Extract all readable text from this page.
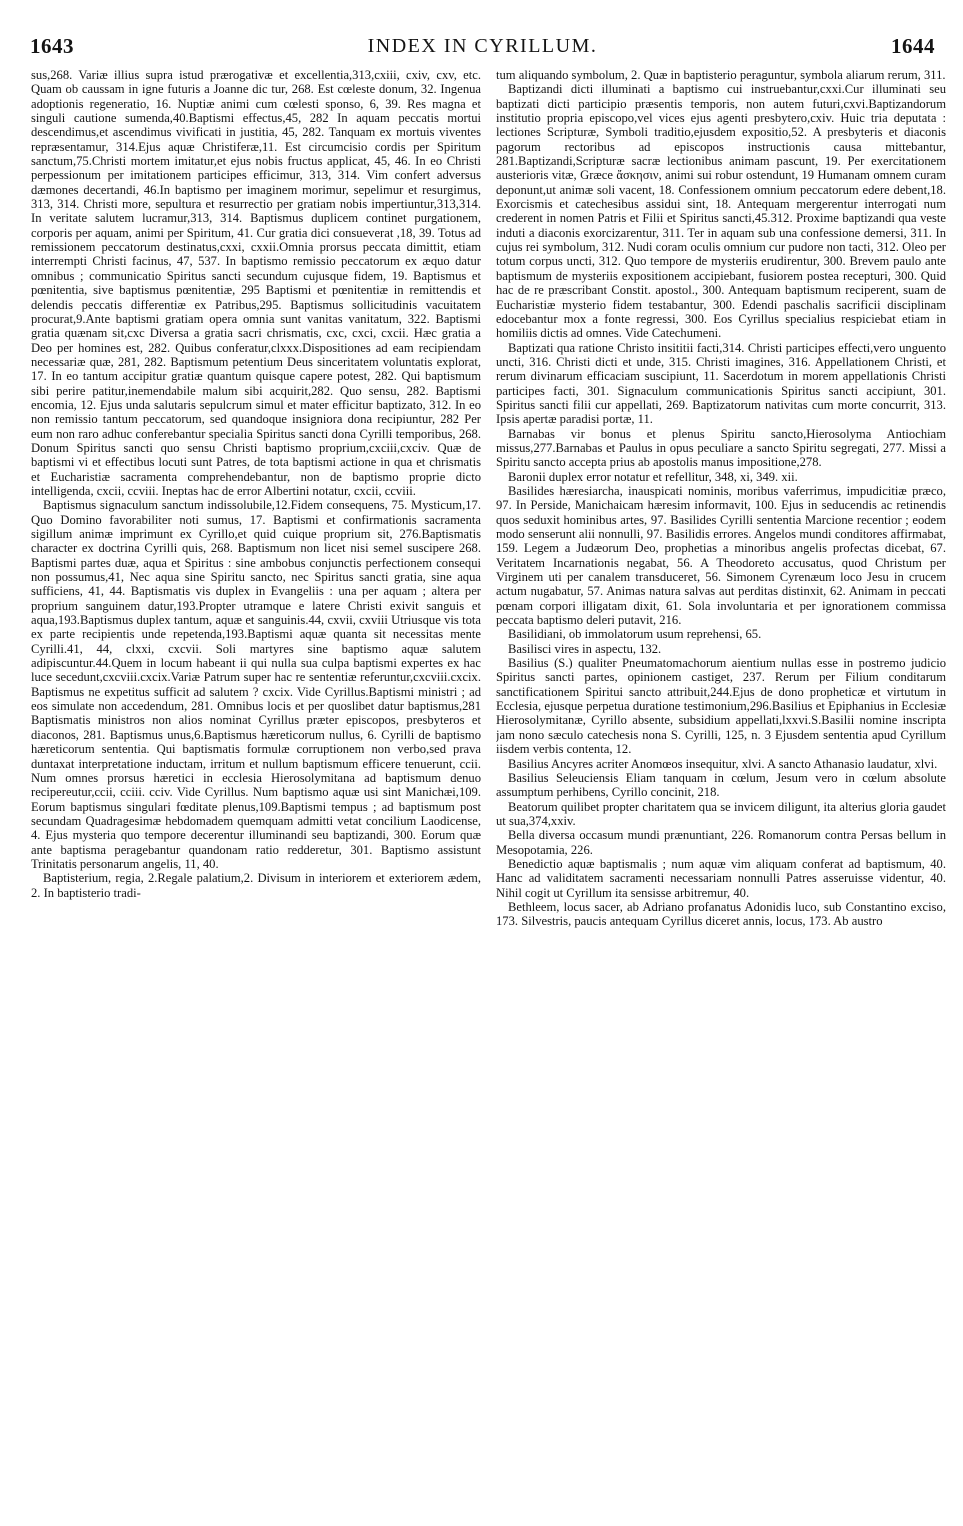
1643	INDEX IN CYRILLUM.	1644

sus,268. Variæ illius supra istud prærogativæ et excellentia,313,cxiii, cxiv, cxv, etc. Quam ob caussam in igne futuris a Joanne dic tur, 268. Est cœleste donum, 32. Ingenua adoptionis regeneratio, 16. Nuptiæ animi cum cœlesti sponso, 6, 39. Res magna et singuli cautione sumenda,40.Baptismi effectus,45, 282 In aquam peccatis mortui descendimus,et ascendimus vivificati in justitia, 45, 282. Tanquam ex mortuis viventes repræsentamur, 314.Ejus aquæ Christiferæ,11. Est circumcisio cordis per Spiritum sanctum,75.Christi mortem imitatur,et ejus nobis fructus applicat, 45, 46. In eo Christi perpessionum per imitationem participes efficimur, 313, 314. Vim confert adversus dæmones decertandi, 46.In baptismo per imaginem morimur, sepelimur et resurgimus, 313, 314. Christi more, sepultura et resurrectio per gratiam nobis impertiuntur,313,314. In veritate salutem lucramur,313, 314. Baptismus duplicem continet purgationem, corporis per aquam, animi per Spiritum, 41. Cur gratia dici consueverat ,18, 39. Totus ad remissionem peccatorum destinatus,cxxi, cxxii.Omnia prorsus peccata dimittit, etiam interrempti Christi facinus, 47, 537. In baptismo remissio peccatorum ex æquo datur omnibus ; communicatio Spiritus sancti secundum cujusque fidem, 19. Baptismus et pœnitentia, sive baptismus pœnitentiæ, 295 Baptismi et pœnitentiæ in remittendis et delendis peccatis differentiæ ex Patribus,295. Baptismus sollicitudinis vacuitatem procurat,9.Ante baptismi gratiam opera omnia sunt vanitas vanitatum, 322. Baptismi gratia quænam sit,cxc Diversa a gratia sacri chrismatis, cxc, cxci, cxcii. Hæc gratia a Deo per homines est, 282. Quibus conferatur,clxxx.Dispositiones ad eam recipiendam necessariæ quæ, 281, 282. Baptismum petentium Deus sinceritatem voluntatis explorat, 17. In eo tantum accipitur gratiæ quantum quisque capere potest, 282. Qui baptismum sibi perire patitur,inemendabile malum sibi acquirit,282. Quo sensu, 282. Baptismi encomia, 12. Ejus unda salutaris sepulcrum simul et mater efficitur baptizato, 312. In eo non remissio tantum peccatorum, sed quandoque insigniora dona recipiuntur, 282 Per eum non raro adhuc conferebantur specialia Spiritus sancti dona Cyrilli temporibus, 268. Donum Spiritus sancti quo sensu Christi baptismo proprium,cxciii,cxciv. Quæ de baptismi vi et effectibus locuti sunt Patres, de tota baptismi actione in qua et chrismatis et Eucharistiæ sacramenta comprehendebantur, non de baptismo proprie dicto intelligenda, cxcii, ccviii. Ineptas hac de error Albertini notatur, cxcii, ccviii.

Baptismus signaculum sanctum indissolubile,12.Fidem consequens, 75. Mysticum,17. Quo Domino favorabiliter noti sumus, 17. Baptismi et confirmationis sacramenta sigillum animæ imprimunt ex Cyrillo,et quid cuique proprium sit, 276.Baptismatis character ex doctrina Cyrilli quis, 268. Baptismum non licet nisi semel suscipere 268. Baptismi partes duæ, aqua et Spiritus : sine ambobus conjunctis perfectionem consequi non possumus,41, Nec aqua sine Spiritu sancto, nec Spiritus sancti gratia, sine aqua sufficiens, 41, 44. Baptismatis vis duplex in Evangeliis : una per aquam ; altera per proprium sanguinem datur,193.Propter utramque e latere Christi exivit sanguis et aqua,193.Baptismus duplex tantum, aquæ et sanguinis.44, cxvii, cxviii Utriusque vis tota ex parte recipientis unde repetenda,193.Baptismi aquæ quanta sit necessitas mente Cyrilli.41, 44, clxxi, cxcvii. Soli martyres sine baptismo aquæ salutem adipiscuntur.44.Quem in locum habeant ii qui nulla sua culpa baptismi expertes ex hac luce secedunt,cxcviii.cxcix.Variæ Patrum super hac re sententiæ referuntur,cxcviii.cxcix. Baptismus ne expetitus sufficit ad salutem ? cxcix. Vide Cyrillus.Baptismi ministri ; ad eos simulate non accedendum, 281. Omnibus locis et per quoslibet datur baptismus,281 Baptismatis ministros non alios nominat Cyrillus præter episcopos, presbyteros et diaconos, 281. Baptismus unus,6.Baptismus hæreticorum nullus, 6. Cyrilli de baptismo hæreticorum sententia. Qui baptismatis formulæ corruptionem non verbo,sed prava duntaxat interpretatione inductam, irritum et nullum baptismum efficere tenuerunt, ccii. Num omnes prorsus hæretici in ecclesia Hierosolymitana ad baptismum denuo recipereutur,ccii, cciii. cciv. Vide Cyrillus. Num baptismo aquæ usi sint Manichæi,109. Eorum baptismus singulari fœditate plenus,109.Baptismi tempus ; ad baptismum post secundam Quadragesimæ hebdomadem quemquam admitti vetat concilium Laodicense, 4. Ejus mysteria quo tempore decerentur illuminandi seu baptizandi, 300. Eorum quæ ante baptisma peragebantur quandonam ratio redderetur, 301. Baptismo assistunt Trinitatis personarum angelis, 11, 40.

Baptisterium, regia, 2.Regale palatium,2. Divisum in interiorem et exteriorem ædem, 2. In baptisterio tradi-

tum aliquando symbolum, 2. Quæ in baptisterio peraguntur, symbola aliarum rerum, 311.

Baptizandi dicti illuminati a baptismo cui instruebantur,cxxi.Cur illuminati seu baptizati dicti participio præsentis temporis, non autem futuri,cxvi.Baptizandorum institutio propria episcopo,vel vices ejus agenti presbytero,cxiv. Huic tria deputata : lectiones Scripturæ, Symboli traditio,ejusdem expositio,52. A presbyteris et diaconis pagorum rectoribus ad episcopos instructionis causa mittebantur, 281.Baptizandi,Scripturæ sacræ lectionibus animam pascunt, 19. Per exercitationem austerioris vitæ, Græce ἄσκησιν, animi sui robur ostendunt, 19 Humanam omnem curam deponunt,ut animæ soli vacent, 18. Confessionem omnium peccatorum edere debent,18. Exorcismis et catechesibus assidui sint, 18. Antequam mergerentur interrogati num crederent in nomen Patris et Filii et Spiritus sancti,45.312. Proxime baptizandi qua veste induti a diaconis exorcizarentur, 311. Ter in aquam sub una confessione demersi, 311. In cujus rei symbolum, 312. Nudi coram oculis omnium cur pudore non tacti, 312. Oleo per totum corpus uncti, 312. Quo tempore de mysteriis erudirentur, 300. Brevem paulo ante baptismum de mysteriis expositionem accipiebant, fusiorem postea recepturi, 300. Quid hac de re præscribant Constit. apostol., 300. Antequam baptismum reciperent, suam de Eucharistiæ mysterio fidem testabantur, 300. Edendi paschalis sacrificii disciplinam edocebantur mox a fonte regressi, 300. Eos Cyrillus specialius respiciebat etiam in homiliis dictis ad omnes. Vide Catechumeni.

Baptizati qua ratione Christo insititii facti,314. Christi participes effecti,vero unguento uncti, 316. Christi dicti et unde, 315. Christi imagines, 316. Appellationem Christi, et rerum divinarum efficaciam suscipiunt, 11. Sacerdotum in morem appellationis Christi participes facti, 301. Signaculum communicationis Spiritus sancti accipiunt, 301. Spiritus sancti filii cur appellati, 269. Baptizatorum nativitas cum morte concurrit, 313. Ipsis apertæ paradisi portæ, 11.

Barnabas vir bonus et plenus Spiritu sancto,Hierosolyma Antiochiam missus,277.Barnabas et Paulus in opus peculiare a sancto Spiritu segregati, 277. Missi a Spiritu sancto accepta prius ab apostolis manus impositione,278.

Baronii duplex error notatur et refellitur, 348, xi, 349. xii.

Basilides hæresiarcha, inauspicati nominis, moribus vaferrimus, impudicitiæ præco, 97. In Perside, Manichaicam hæresim informavit, 100. Ejus in seducendis ac retinendis quos seduxit hominibus artes, 97. Basilides Cyrilli sententia Marcione recentior ; eodem modo senserunt alii nonnulli, 97. Basilidis errores. Angelos mundi conditores affirmabat, 159. Legem a Judæorum Deo, prophetias a minoribus angelis profectas dicebat, 67. Veritatem Incarnationis negabat, 56. A Theodoreto accusatus, quod Christum per Virginem uti per canalem transduceret, 56. Simonem Cyrenæum loco Jesu in crucem actum nugabatur, 57. Animas natura salvas aut perditas distinxit, 62. Animam in peccati pœnam corpori illigatam dixit, 61. Sola involuntaria et per ignorationem commissa peccata baptismo deleri putavit, 216.

Basilidiani, ob immolatorum usum reprehensi, 65.

Basilisci vires in aspectu, 132.

Basilius (S.) qualiter Pneumatomachorum aientium nullas esse in postremo judicio Spiritus sancti partes, opinionem castiget, 237. Rerum per Filium conditarum sanctificationem Spiritui sancto attribuit,244.Ejus de dono propheticæ et virtutum in Ecclesia, ejusque perpetua duratione testimonium,296.Basilius et Epiphanius in Ecclesiæ Hierosolymitanæ, Cyrillo absente, subsidium appellati,lxxvi.S.Basilii nomine inscripta jam nono sæculo catechesis nona S. Cyrilli, 125, n. 3 Ejusdem sententia apud Cyrillum iisdem verbis contenta, 12.

Basilius Ancyres acriter Anomœos insequitur, xlvi. A sancto Athanasio laudatur, xlvi.

Basilius Seleuciensis Eliam tanquam in cœlum, Jesum vero in cœlum absolute assumptum perhibens, Cyrillo concinit, 218.

Beatorum quilibet propter charitatem qua se invicem diligunt, ita alterius gloria gaudet ut sua,374,xxiv.

Bella diversa occasum mundi prænuntiant, 226. Romanorum contra Persas bellum in Mesopotamia, 226.

Benedictio aquæ baptismalis ; num aquæ vim aliquam conferat ad baptismum, 40. Hanc ad validitatem sacramenti necessariam nonnulli Patres asseruisse videntur, 40. Nihil cogit ut Cyrillum ita sensisse arbitremur, 40.

Bethleem, locus sacer, ab Adriano profanatus Adonidis luco, sub Constantino exciso, 173. Silvestris, paucis antequam Cyrillus diceret annis, locus, 173. Ab austro
